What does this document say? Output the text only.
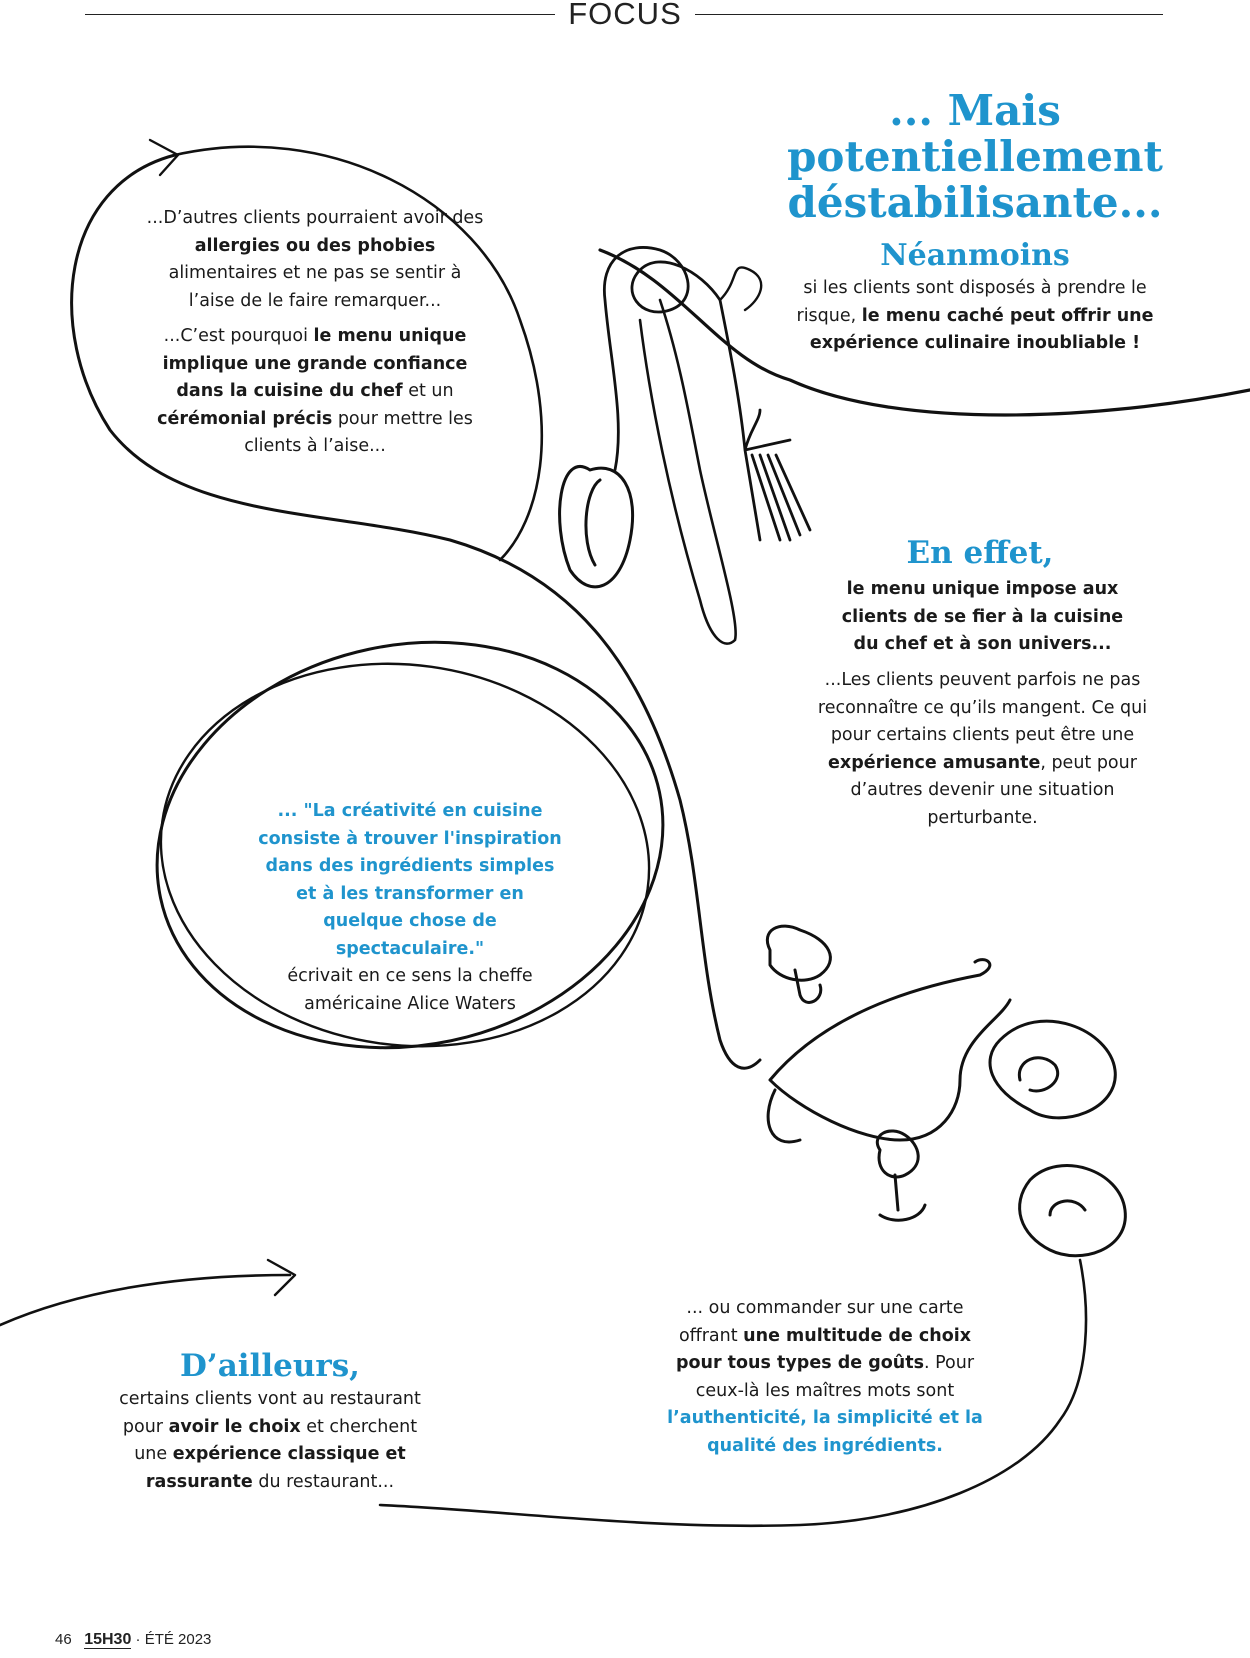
FOCUS

...D’autres clients pourraient avoir des allergies ou des phobies alimentaires et ne pas se sentir à l’aise de le faire remarquer...

...C’est pourquoi le menu unique implique une grande confiance dans la cuisine du chef et un cérémonial précis pour mettre les clients à l’aise...

... Mais potentiellement déstabilisante...
Néanmoins
si les clients sont disposés à prendre le risque, le menu caché peut offrir une expérience culinaire inoubliable !
En effet,
le menu unique impose aux clients de se fier à la cuisine du chef et à son univers...
...Les clients peuvent parfois ne pas reconnaître ce qu’ils mangent. Ce qui pour certains clients peut être une expérience amusante, peut pour d’autres devenir une situation perturbante.
... "La créativité en cuisine consiste à trouver l'inspiration dans des ingrédients simples et à les transformer en quelque chose de spectaculaire."
écrivait en ce sens la cheffe américaine Alice Waters
D’ailleurs,
certains clients vont au restaurant pour avoir le choix et cherchent une expérience classique et rassurante du restaurant...
... ou commander sur une carte offrant une multitude de choix pour tous types de goûts. Pour ceux-là les maîtres mots sont l’authenticité, la simplicité et la qualité des ingrédients.
46 15H30 · ÉTÉ 2023
